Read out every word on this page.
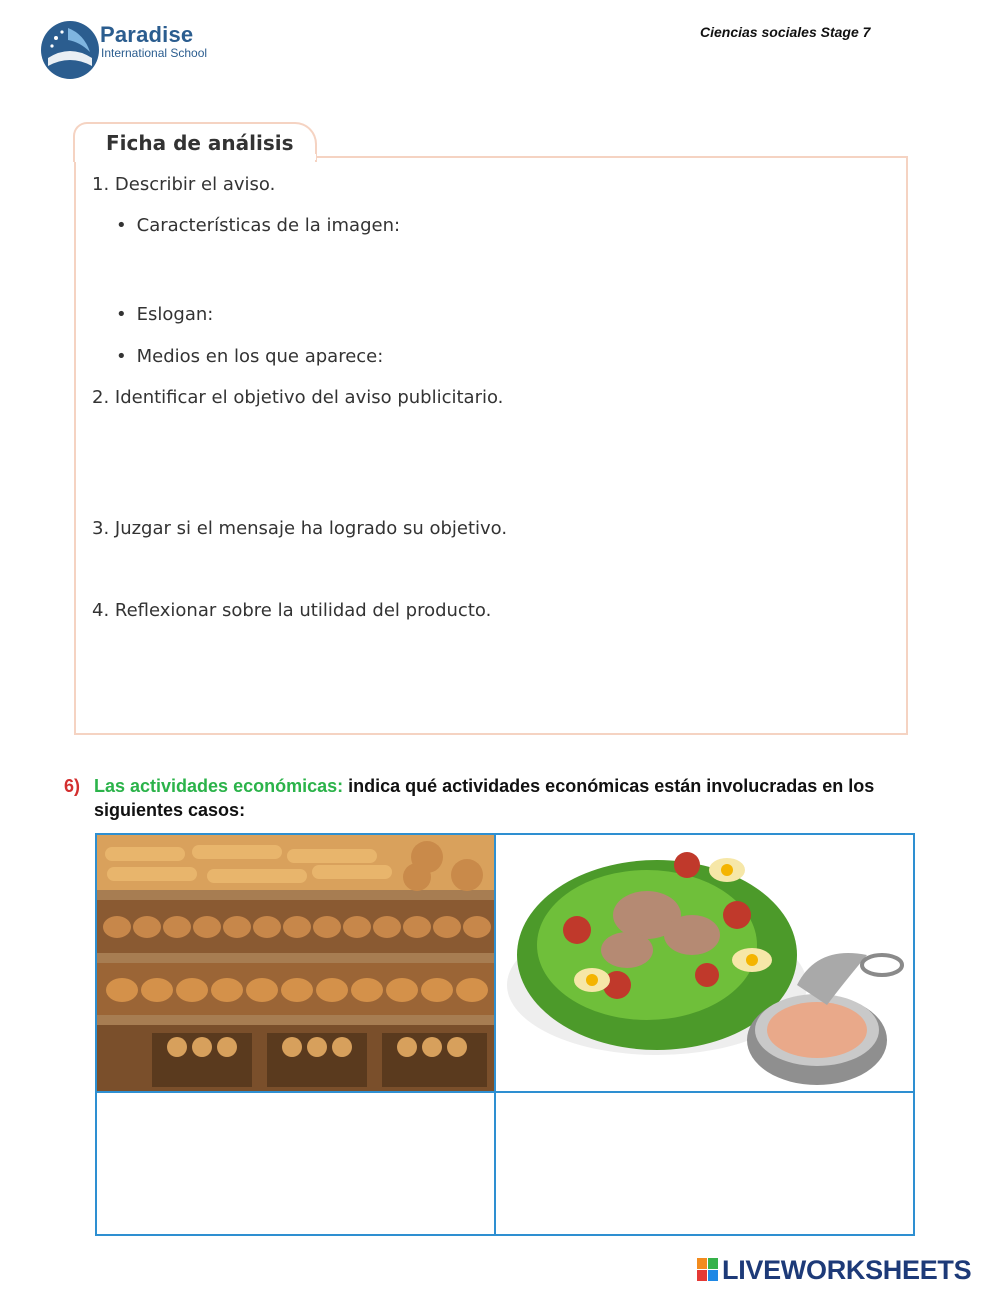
Paradise
International School
Ciencias sociales Stage 7
Ficha de análisis
1. Describir el aviso.
• Características de la imagen:
• Eslogan:
• Medios en los que aparece:
2. Identificar el objetivo del aviso publicitario.
3. Juzgar si el mensaje ha logrado su objetivo.
4. Reflexionar sobre la utilidad del producto.
6) Las actividades económicas: indica qué actividades económicas están involucradas en los
siguientes casos:
LIVEWORKSHEETS
